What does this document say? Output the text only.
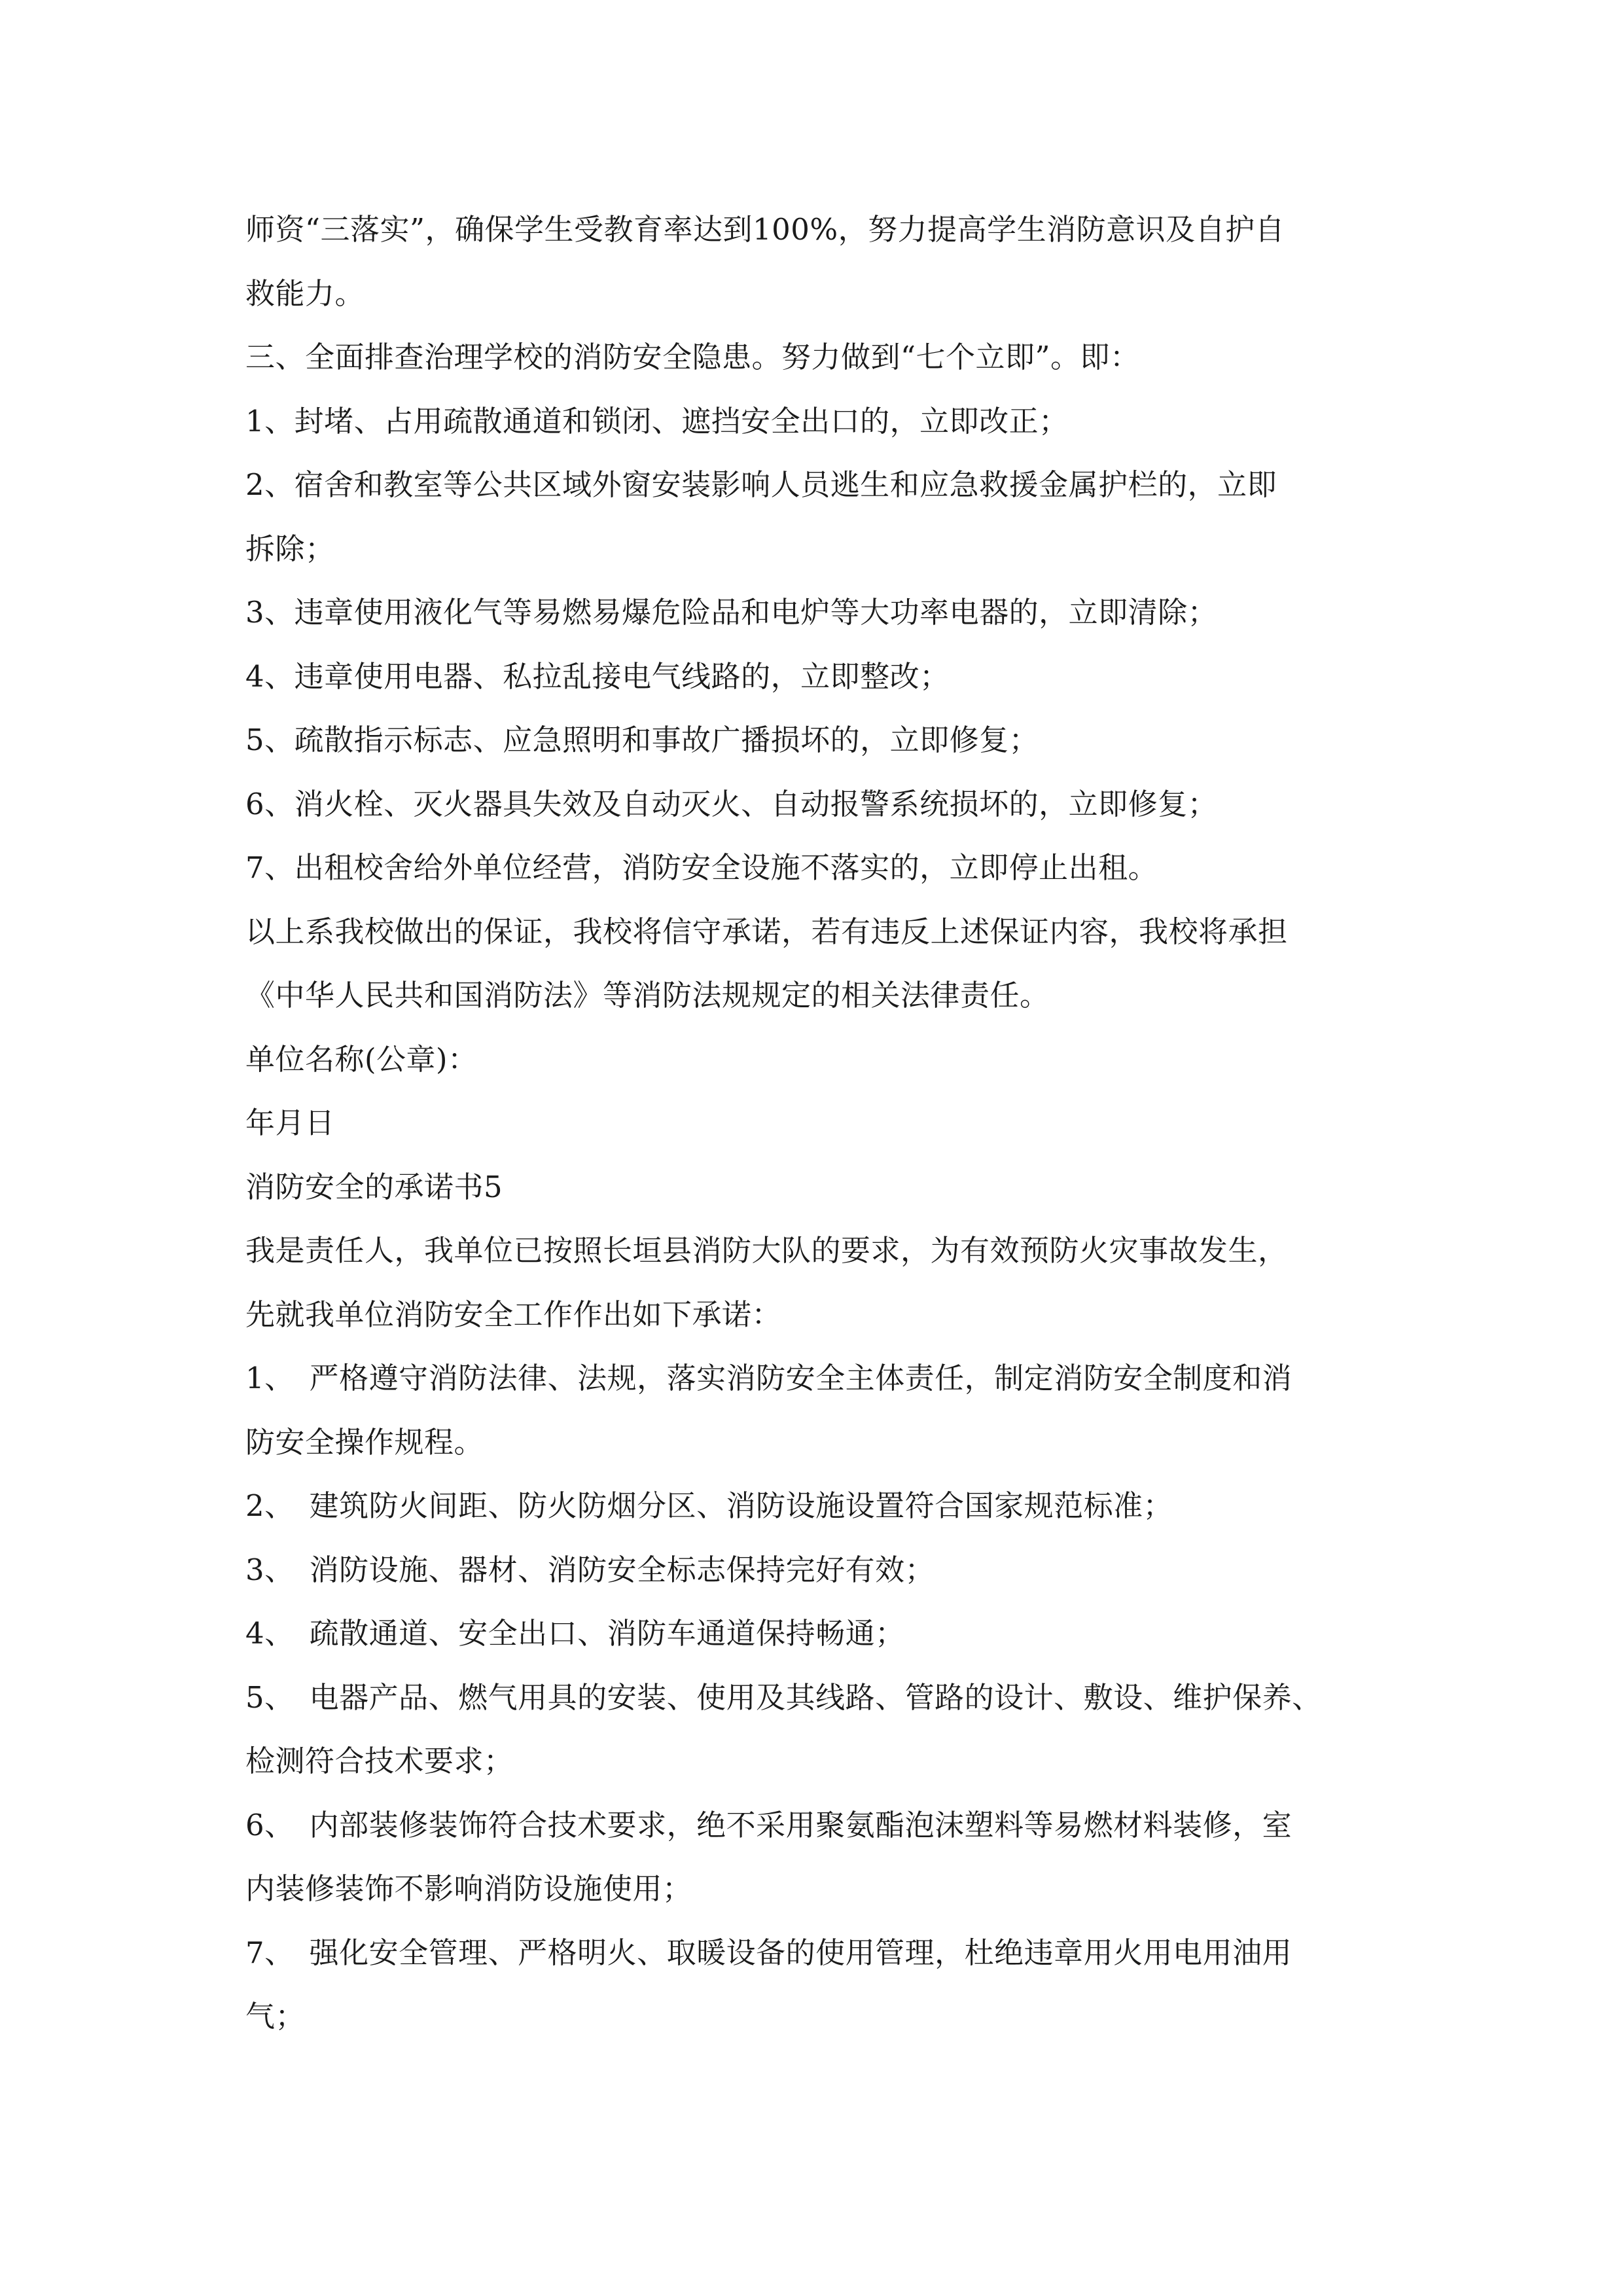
师资“三落实”，确保学生受教育率达到100%，努力提高学生消防意识及自护自
救能力。
三、全面排查治理学校的消防安全隐患。努力做到“七个立即”。即：
1、封堵、占用疏散通道和锁闭、遮挡安全出口的，立即改正；
2、宿舍和教室等公共区域外窗安装影响人员逃生和应急救援金属护栏的，立即
拆除；
3、违章使用液化气等易燃易爆危险品和电炉等大功率电器的，立即清除；
4、违章使用电器、私拉乱接电气线路的，立即整改；
5、疏散指示标志、应急照明和事故广播损坏的，立即修复；
6、消火栓、灭火器具失效及自动灭火、自动报警系统损坏的，立即修复；
7、出租校舍给外单位经营，消防安全设施不落实的，立即停止出租。
以上系我校做出的保证，我校将信守承诺，若有违反上述保证内容，我校将承担
《中华人民共和国消防法》等消防法规规定的相关法律责任。
单位名称(公章)：
年月日
消防安全的承诺书5
我是责任人，我单位已按照长垣县消防大队的要求，为有效预防火灾事故发生，
先就我单位消防安全工作作出如下承诺：
1、　严格遵守消防法律、法规，落实消防安全主体责任，制定消防安全制度和消
防安全操作规程。
2、　建筑防火间距、防火防烟分区、消防设施设置符合国家规范标准；
3、　消防设施、器材、消防安全标志保持完好有效；
4、　疏散通道、安全出口、消防车通道保持畅通；
5、　电器产品、燃气用具的安装、使用及其线路、管路的设计、敷设、维护保养、
检测符合技术要求；
6、　内部装修装饰符合技术要求，绝不采用聚氨酯泡沫塑料等易燃材料装修，室
内装修装饰不影响消防设施使用；
7、　强化安全管理、严格明火、取暖设备的使用管理，杜绝违章用火用电用油用
气；
